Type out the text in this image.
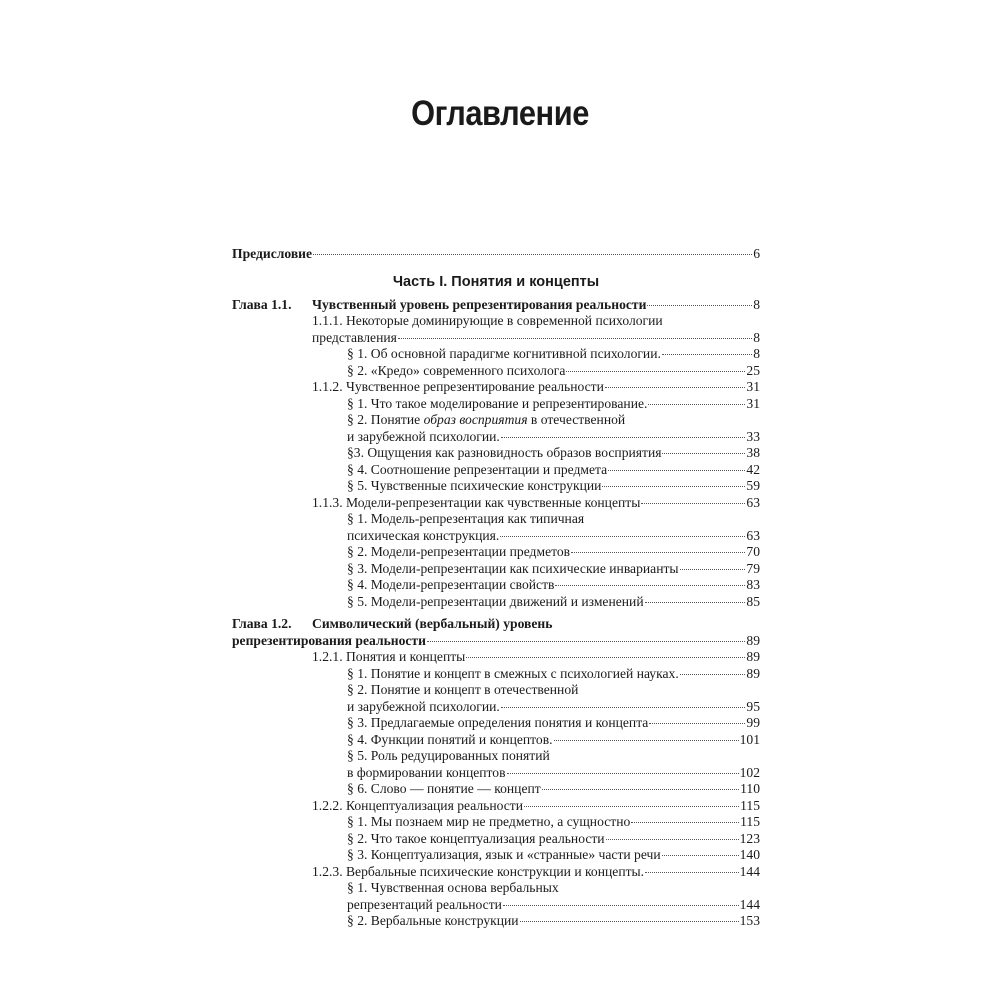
Оглавление
Предисловие	6
Часть I. Понятия и концепты
Глава 1.1.	Чувственный уровень репрезентирования реальности	8
1.1.1. Некоторые доминирующие в современной психологии
представления	8
§ 1. Об основной парадигме когнитивной психологии.	8
§ 2. «Кредо» современного психолога	25
1.1.2. Чувственное репрезентирование реальности	31
§ 1. Что такое моделирование и репрезентирование.	31
§ 2. Понятие образ восприятия в отечественной
и зарубежной психологии.	33
§3. Ощущения как разновидность образов восприятия	38
§ 4. Соотношение репрезентации и предмета	42
§ 5. Чувственные психические конструкции	59
1.1.3. Модели-репрезентации как чувственные концепты	63
§ 1. Модель-репрезентация как типичная
психическая конструкция.	63
§ 2. Модели-репрезентации предметов	70
§ 3. Модели-репрезентации как психические инварианты	79
§ 4. Модели-репрезентации свойств	83
§ 5. Модели-репрезентации движений и изменений	85
Глава 1.2.	Символический (вербальный) уровень
репрезентирования реальности	89
1.2.1. Понятия и концепты	89
§ 1. Понятие и концепт в смежных с психологией науках.	89
§ 2. Понятие и концепт в отечественной
и зарубежной психологии.	95
§ 3. Предлагаемые определения понятия и концепта	99
§ 4. Функции понятий и концептов.	101
§ 5. Роль редуцированных понятий
в формировании концептов	102
§ 6. Слово — понятие — концепт	110
1.2.2. Концептуализация реальности	115
§ 1. Мы познаем мир не предметно, а сущностно	115
§ 2. Что такое концептуализация реальности	123
§ 3. Концептуализация, язык и «странные» части речи	140
1.2.3. Вербальные психические конструкции и концепты.	144
§ 1. Чувственная основа вербальных
репрезентаций реальности	144
§ 2. Вербальные конструкции	153
